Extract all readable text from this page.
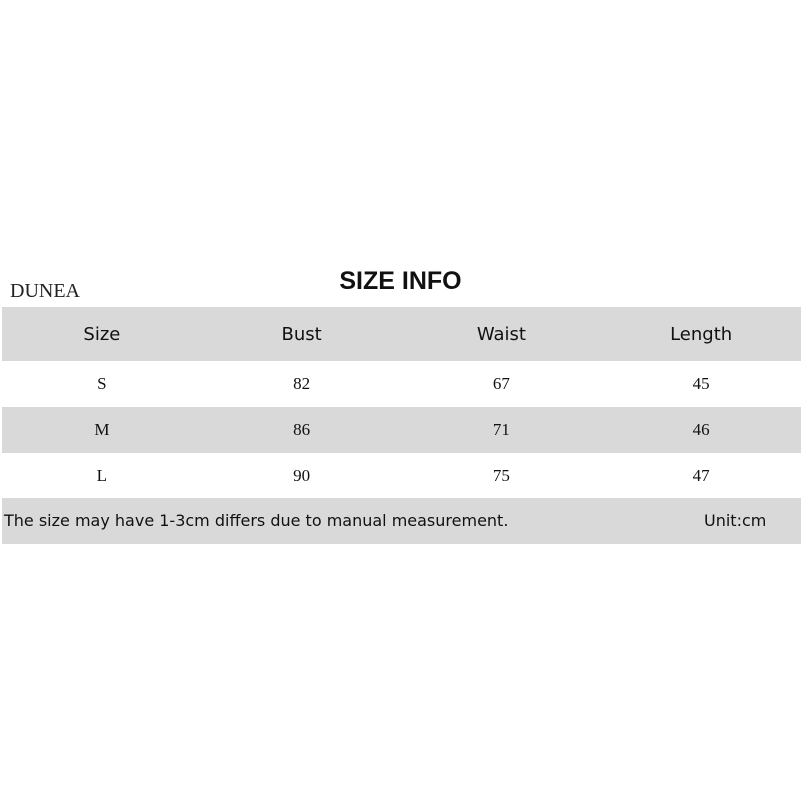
DUNEA	SIZE INFO
Size	Bust	Waist	Length
S	82	67	45
M	86	71	46
L	90	75	47
The size may have 1-3cm differs due to manual measurement.	Unit:cm
